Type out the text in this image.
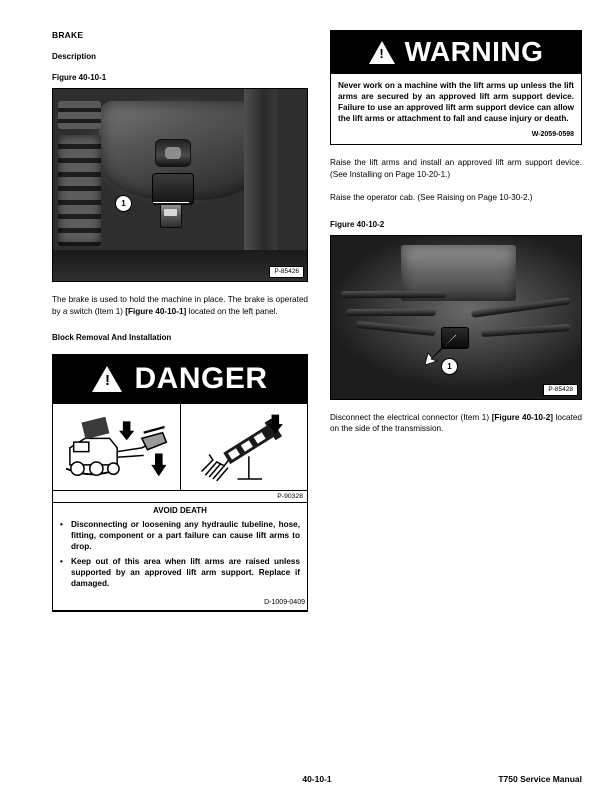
BRAKE
Description
Figure 40-10-1
1
P-85426

The brake is used to hold the machine in place. The brake is operated by a switch (Item 1) [Figure 40-10-1] located on the left panel.

Block Removal And Installation
!
DANGER
P-90328
AVOID DEATH
• Disconnecting or loosening any hydraulic tubeline, hose, fitting, component or a part failure can cause lift arms to drop.
• Keep out of this area when lift arms are raised unless supported by an approved lift arm support. Replace if damaged.
D-1009-0409
!
WARNING
Never work on a machine with the lift arms up unless the lift arms are secured by an approved lift arm support device. Failure to use an approved lift arm support device can allow the lift arms or attachment to fall and cause injury or death.
W-2059-0598

Raise the lift arms and install an approved lift arm support device. (See Installing on Page 10-20-1.)

Raise the operator cab. (See Raising on Page 10-30-2.)

Figure 40-10-2
1
P-85428

Disconnect the electrical connector (Item 1) [Figure 40-10-2] located on the side of the transmission.

40-10-1	T750 Service Manual
